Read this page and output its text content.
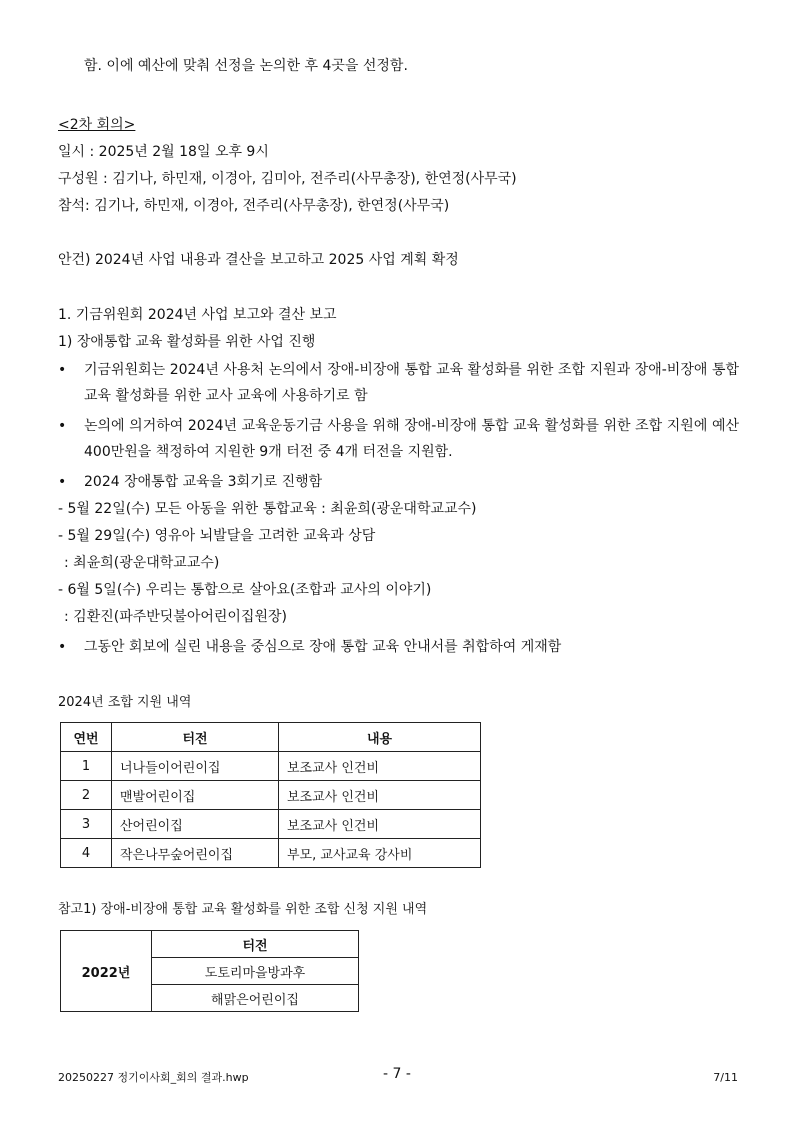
함. 이에 예산에 맞춰 선정을 논의한 후 4곳을 선정함.
<2차 회의>
일시 : 2025년 2월 18일 오후 9시
구성원 : 김기나, 하민재, 이경아, 김미아, 전주리(사무총장), 한연정(사무국)
참석: 김기나, 하민재, 이경아, 전주리(사무총장), 한연정(사무국)
안건) 2024년 사업 내용과 결산을 보고하고 2025 사업 계획 확정
1. 기금위원회 2024년 사업 보고와 결산 보고
1) 장애통합 교육 활성화를 위한 사업 진행
•	기금위원회는 2024년 사용처 논의에서 장애-비장애 통합 교육 활성화를 위한 조합 지원과 장애-비장애 통합 교육 활성화를 위한 교사 교육에 사용하기로 함
•	논의에 의거하여 2024년 교육운동기금 사용을 위해 장애-비장애 통합 교육 활성화를 위한 조합 지원에 예산 400만원을 책정하여 지원한 9개 터전 중 4개 터전을 지원함.
•	2024 장애통합 교육을 3회기로 진행함
- 5월 22일(수) 모든 아동을 위한 통합교육 : 최윤희(광운대학교교수)
- 5월 29일(수) 영유아 뇌발달을 고려한 교육과 상담
: 최윤희(광운대학교교수)
- 6월 5일(수) 우리는 통합으로 살아요(조합과 교사의 이야기)
: 김환진(파주반딧불아어린이집원장)
•	그동안 회보에 실린 내용을 중심으로 장애 통합 교육 안내서를 취합하여 게재함
2024년 조합 지원 내역
연번	터전	내용
1	너나들이어린이집	보조교사 인건비
2	맨발어린이집	보조교사 인건비
3	산어린이집	보조교사 인건비
4	작은나무숲어린이집	부모, 교사교육 강사비
참고1) 장애-비장애 통합 교육 활성화를 위한 조합 신청 지원 내역
2022년	터전
도토리마을방과후
해맑은어린이집
20250227 정기이사회_회의 결과.hwp	- 7 -	7/11
